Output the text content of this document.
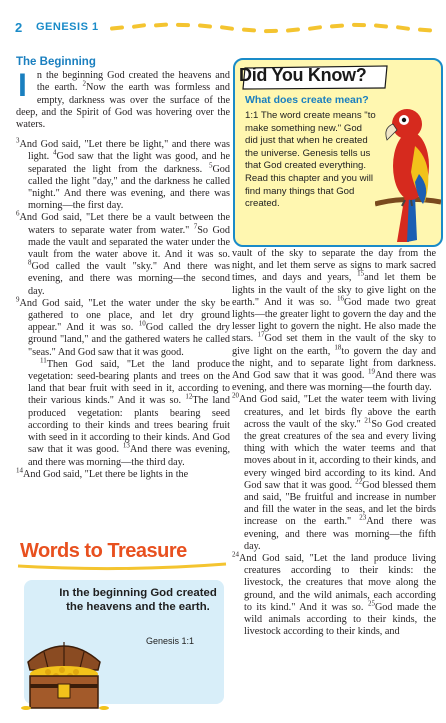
2 GENESIS 1
The Beginning
I n the beginning God created the heavens and the earth. $^2$Now the earth was formless and empty, darkness was over the surface of the deep, and the Spirit of God was hovering over the waters.

$^3$And God said, "Let there be light," and there was light. $^4$God saw that the light was good, and he separated the light from the darkness. $^5$God called the light "day," and the darkness he called "night." And there was evening, and there was morning—the first day.

$^6$And God said, "Let there be a vault between the waters to separate water from water." $^7$So God made the vault and separated the water under the vault from the water above it. And it was so. $^8$God called the vault "sky." And there was evening, and there was morning—the second day.

$^9$And God said, "Let the water under the sky be gathered to one place, and let dry ground appear." And it was so. $^{10}$God called the dry ground "land," and the gathered waters he called "seas." And God saw that it was good.

$^{11}$Then God said, "Let the land produce vegetation: seed-bearing plants and trees on the land that bear fruit with seed in it, according to their various kinds." And it was so. $^{12}$The land produced vegetation: plants bearing seed according to their kinds and trees bearing fruit with seed in it according to their kinds. And God saw that it was good. $^{13}$And there was evening, and there was morning—the third day.

$^{14}$And God said, "Let there be lights in the

Did You Know?
What does create mean?
1:1 The word create means "to make something new." God did just that when he created the universe. Genesis tells us that God created everything. Read this chapter and you will find many things that God created.

vault of the sky to separate the day from the night, and let them serve as signs to mark sacred times, and days and years, $^{15}$and let them be lights in the vault of the sky to give light on the earth." And it was so. $^{16}$God made two great lights—the greater light to govern the day and the lesser light to govern the night. He also made the stars. $^{17}$God set them in the vault of the sky to give light on the earth, $^{18}$to govern the day and the night, and to separate light from darkness. And God saw that it was good. $^{19}$And there was evening, and there was morning—the fourth day.

$^{20}$And God said, "Let the water teem with living creatures, and let birds fly above the earth across the vault of the sky." $^{21}$So God created the great creatures of the sea and every living thing with which the water teems and that moves about in it, according to their kinds, and every winged bird according to its kind. And God saw that it was good. $^{22}$God blessed them and said, "Be fruitful and increase in number and fill the water in the seas, and let the birds increase on the earth." $^{23}$And there was evening, and there was morning—the fifth day.

$^{24}$And God said, "Let the land produce living creatures according to their kinds: the livestock, the creatures that move along the ground, and the wild animals, each according to its kind." And it was so. $^{25}$God made the wild animals according to their kinds, the livestock according to their kinds, and

Words to Treasure
In the beginning God created the heavens and the earth.
Genesis 1:1
